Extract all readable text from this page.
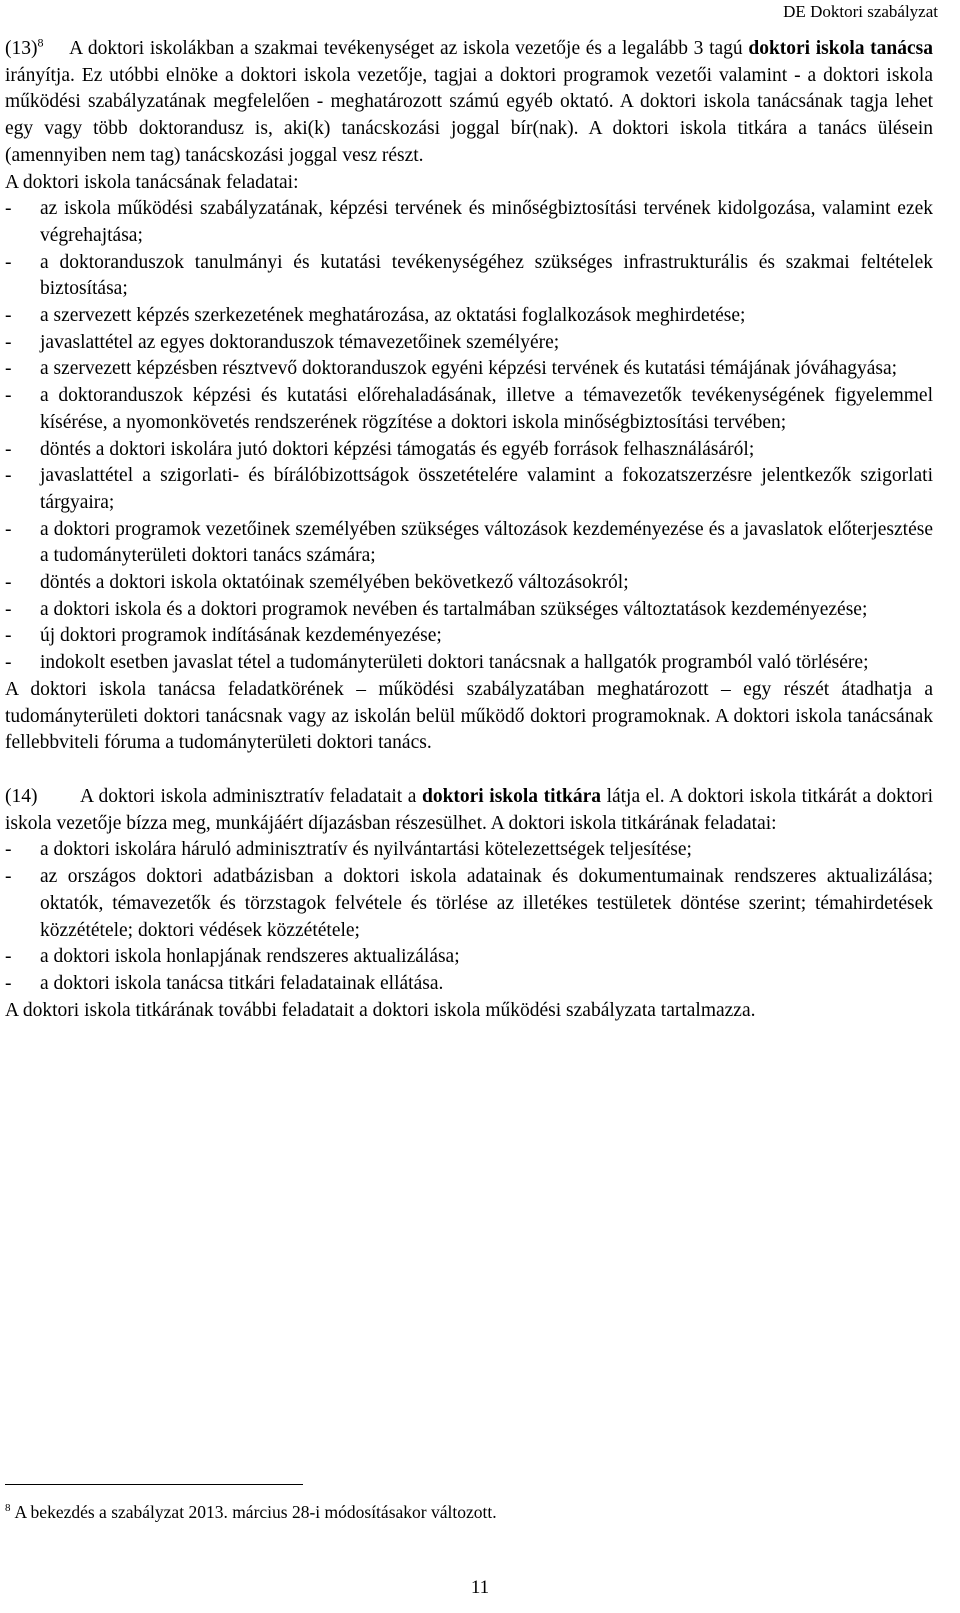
DE Doktori szabályzat

$(13)^8$ A doktori iskolákban a szakmai tevékenységet az iskola vezetője és a legalább 3 tagú doktori iskola tanácsa irányítja. Ez utóbbi elnöke a doktori iskola vezetője, tagjai a doktori programok vezetői valamint - a doktori iskola működési szabályzatának megfelelően - meghatározott számú egyéb oktató. A doktori iskola tanácsának tagja lehet egy vagy több doktorandusz is, aki(k) tanácskozási joggal bír(nak). A doktori iskola titkára a tanács ülésein (amennyiben nem tag) tanácskozási joggal vesz részt.

A doktori iskola tanácsának feladatai:

- az iskola működési szabályzatának, képzési tervének és minőségbiztosítási tervének kidolgozása, valamint ezek végrehajtása;
- a doktoranduszok tanulmányi és kutatási tevékenységéhez szükséges infrastrukturális és szakmai feltételek biztosítása;
- a szervezett képzés szerkezetének meghatározása, az oktatási foglalkozások meghirdetése;
- javaslattétel az egyes doktoranduszok témavezetőinek személyére;
- a szervezett képzésben résztvevő doktoranduszok egyéni képzési tervének és kutatási témájának jóváhagyása;
- a doktoranduszok képzési és kutatási előrehaladásának, illetve a témavezetők tevékenységének figyelemmel kísérése, a nyomonkövetés rendszerének rögzítése a doktori iskola minőségbiztosítási tervében;
- döntés a doktori iskolára jutó doktori képzési támogatás és egyéb források felhasználásáról;
- javaslattétel a szigorlati- és bírálóbizottságok összetételére valamint a fokozatszerzésre jelentkezők szigorlati tárgyaira;
- a doktori programok vezetőinek személyében szükséges változások kezdeményezése és a javaslatok előterjesztése a tudományterületi doktori tanács számára;
- döntés a doktori iskola oktatóinak személyében bekövetkező változásokról;
- a doktori iskola és a doktori programok nevében és tartalmában szükséges változtatások kezdeményezése;
- új doktori programok indításának kezdeményezése;
- indokolt esetben javaslat tétel a tudományterületi doktori tanácsnak a hallgatók programból való törlésére;

A doktori iskola tanácsa feladatkörének – működési szabályzatában meghatározott – egy részét átadhatja a tudományterületi doktori tanácsnak vagy az iskolán belül működő doktori programoknak. A doktori iskola tanácsának fellebbviteli fóruma a tudományterületi doktori tanács.

(14) A doktori iskola adminisztratív feladatait a doktori iskola titkára látja el. A doktori iskola titkárát a doktori iskola vezetője bízza meg, munkájáért díjazásban részesülhet. A doktori iskola titkárának feladatai:

- a doktori iskolára háruló adminisztratív és nyilvántartási kötelezettségek teljesítése;
- az országos doktori adatbázisban a doktori iskola adatainak és dokumentumainak rendszeres aktualizálása; oktatók, témavezetők és törzstagok felvétele és törlése az illetékes testületek döntése szerint; témahirdetések közzététele; doktori védések közzététele;
- a doktori iskola honlapjának rendszeres aktualizálása;
- a doktori iskola tanácsa titkári feladatainak ellátása.

A doktori iskola titkárának további feladatait a doktori iskola működési szabályzata tartalmazza.

$^8$ A bekezdés a szabályzat 2013. március 28-i módosításakor változott.
11
